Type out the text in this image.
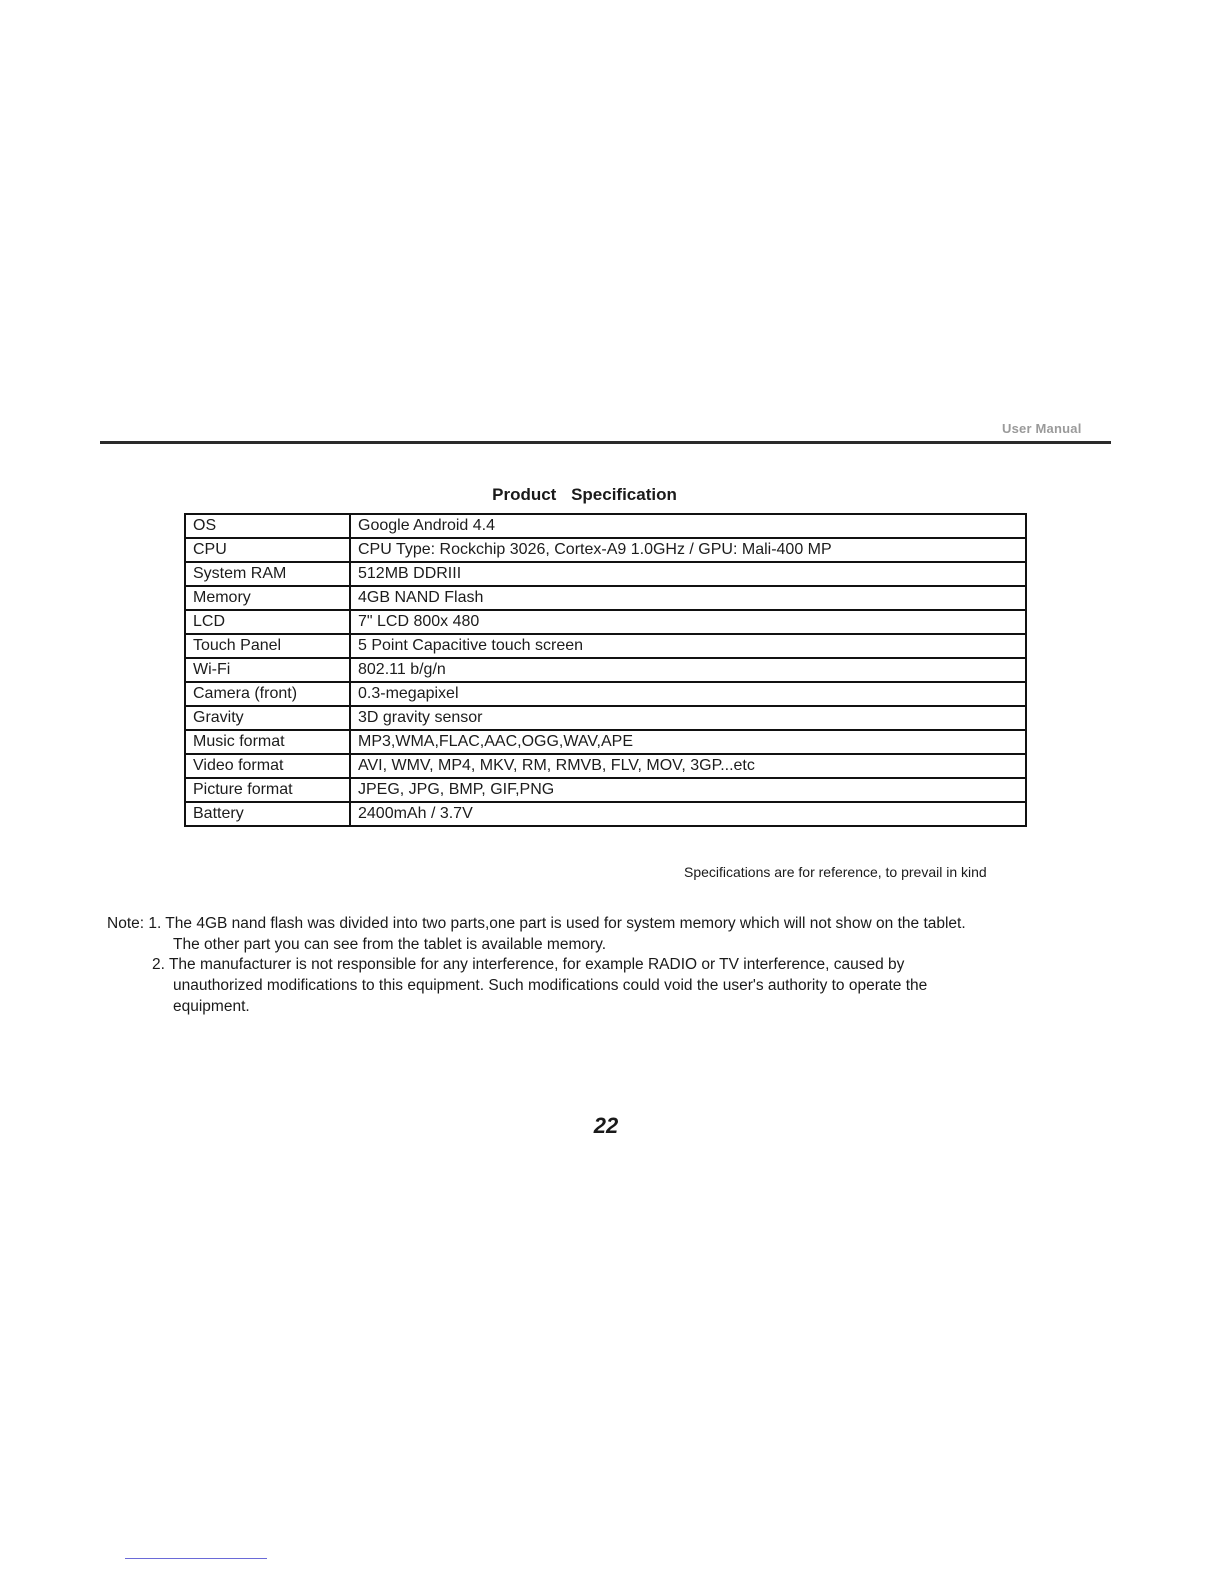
User Manual
Product Specification
OS	Google Android 4.4
CPU	CPU Type: Rockchip 3026, Cortex-A9 1.0GHz / GPU: Mali-400 MP
System RAM	512MB DDRIII
Memory	4GB NAND Flash
LCD	7" LCD 800x 480
Touch Panel	5 Point Capacitive touch screen
Wi-Fi	802.11 b/g/n
Camera (front)	0.3-megapixel
Gravity	3D gravity sensor
Music format	MP3,WMA,FLAC,AAC,OGG,WAV,APE
Video format	AVI, WMV, MP4, MKV, RM, RMVB, FLV, MOV, 3GP...etc
Picture format	JPEG, JPG, BMP, GIF,PNG
Battery	2400mAh / 3.7V
Specifications are for reference, to prevail in kind
Note: 1. The 4GB nand flash was divided into two parts,one part is used for system memory which will not show on the tablet.
The other part you can see from the tablet is available memory.
2. The manufacturer is not responsible for any interference, for example RADIO or TV interference, caused by
unauthorized modifications to this equipment. Such modifications could void the user's authority to operate the
equipment.
22
